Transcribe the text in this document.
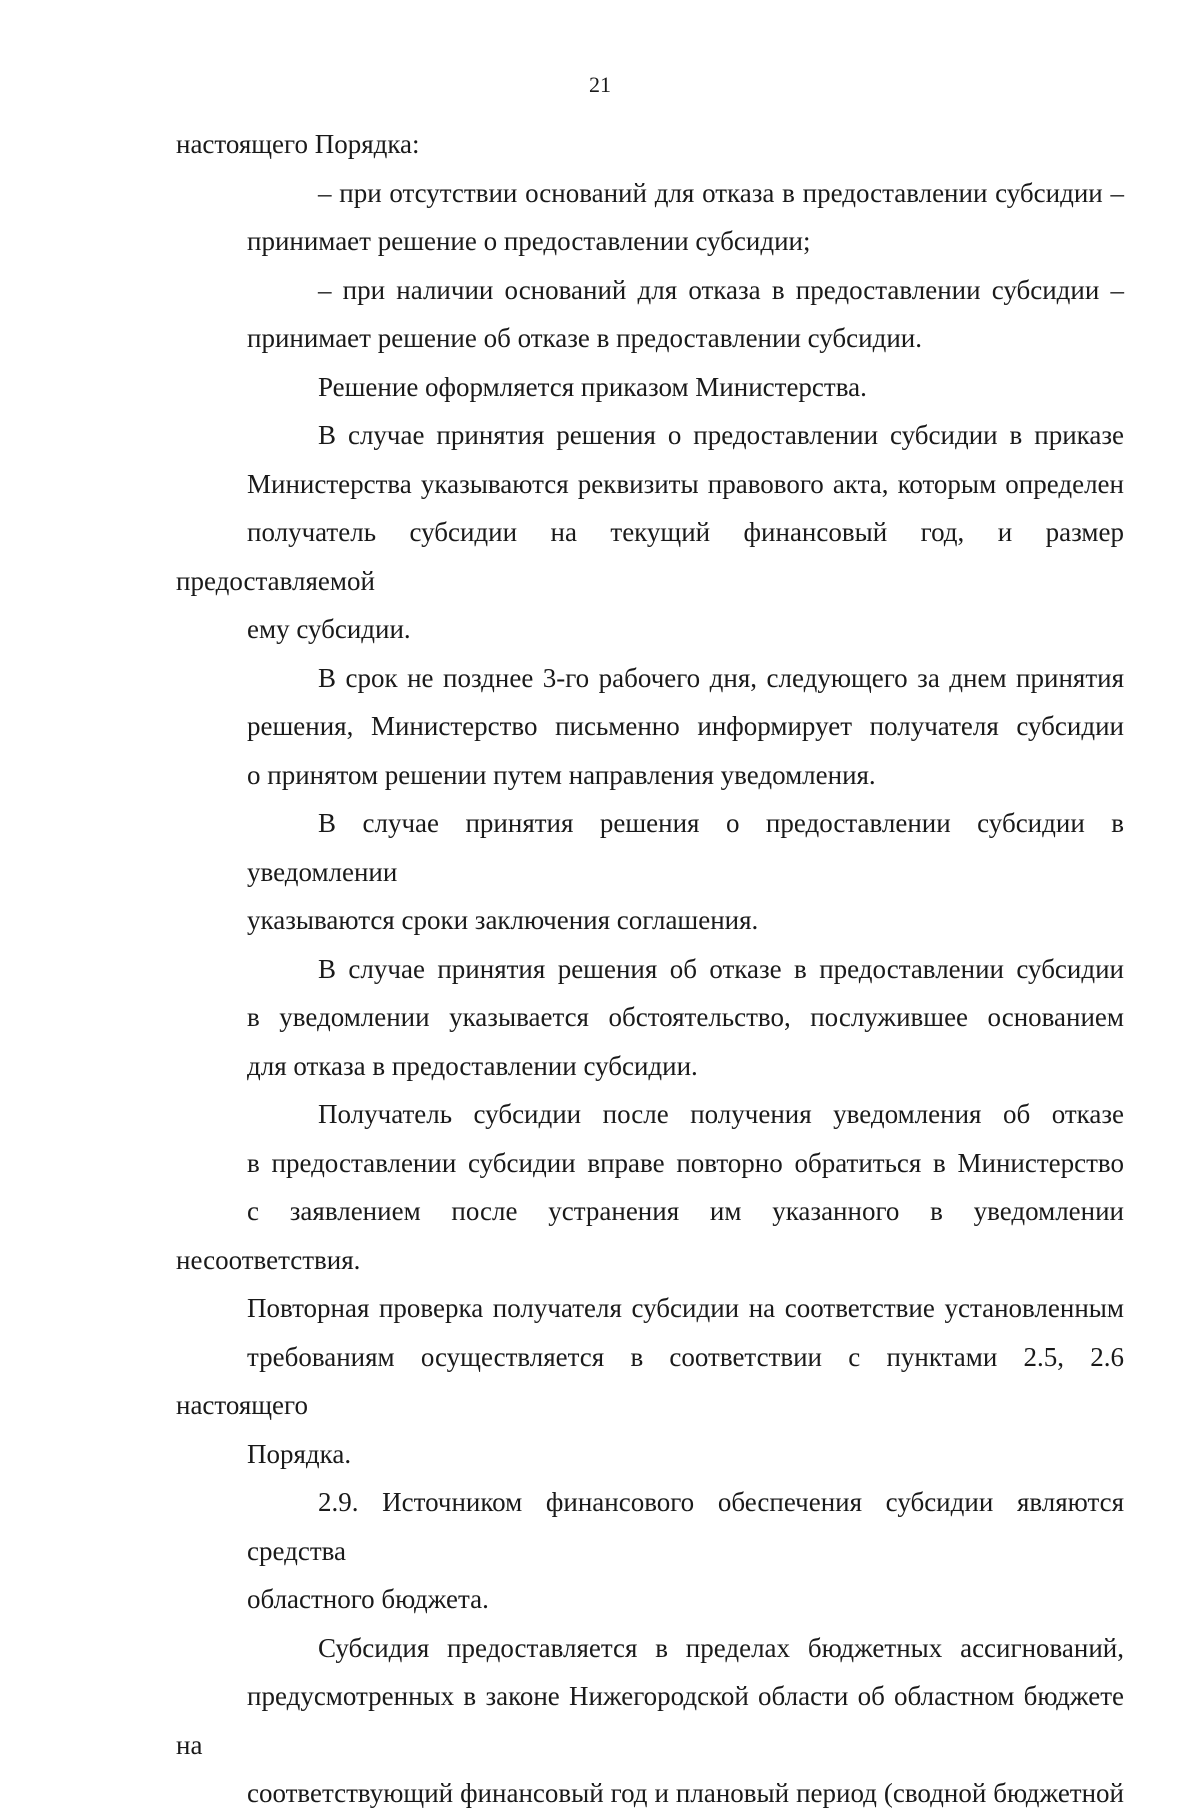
21
настоящего Порядка:
– при отсутствии оснований для отказа в предоставлении субсидии –
принимает решение о предоставлении субсидии;
– при наличии оснований для отказа в предоставлении субсидии –
принимает решение об отказе в предоставлении субсидии.
Решение оформляется приказом Министерства.
В случае принятия решения о предоставлении субсидии в приказе
Министерства указываются реквизиты правового акта, которым определен
получатель субсидии на текущий финансовый год, и размер предоставляемой
ему субсидии.
В срок не позднее 3-го рабочего дня, следующего за днем принятия
решения, Министерство письменно информирует получателя субсидии
о принятом решении путем направления уведомления.
В случае принятия решения о предоставлении субсидии в уведомлении
указываются сроки заключения соглашения.
В случае принятия решения об отказе в предоставлении субсидии
в уведомлении указывается обстоятельство, послужившее основанием
для отказа в предоставлении субсидии.
Получатель субсидии после получения уведомления об отказе
в предоставлении субсидии вправе повторно обратиться в Министерство
с заявлением после устранения им указанного в уведомлении несоответствия.
Повторная проверка получателя субсидии на соответствие установленным
требованиям осуществляется в соответствии с пунктами 2.5, 2.6 настоящего
Порядка.
2.9. Источником финансового обеспечения субсидии являются средства
областного бюджета.
Субсидия предоставляется в пределах бюджетных ассигнований,
предусмотренных в законе Нижегородской области об областном бюджете на
соответствующий финансовый год и плановый период (сводной бюджетной
